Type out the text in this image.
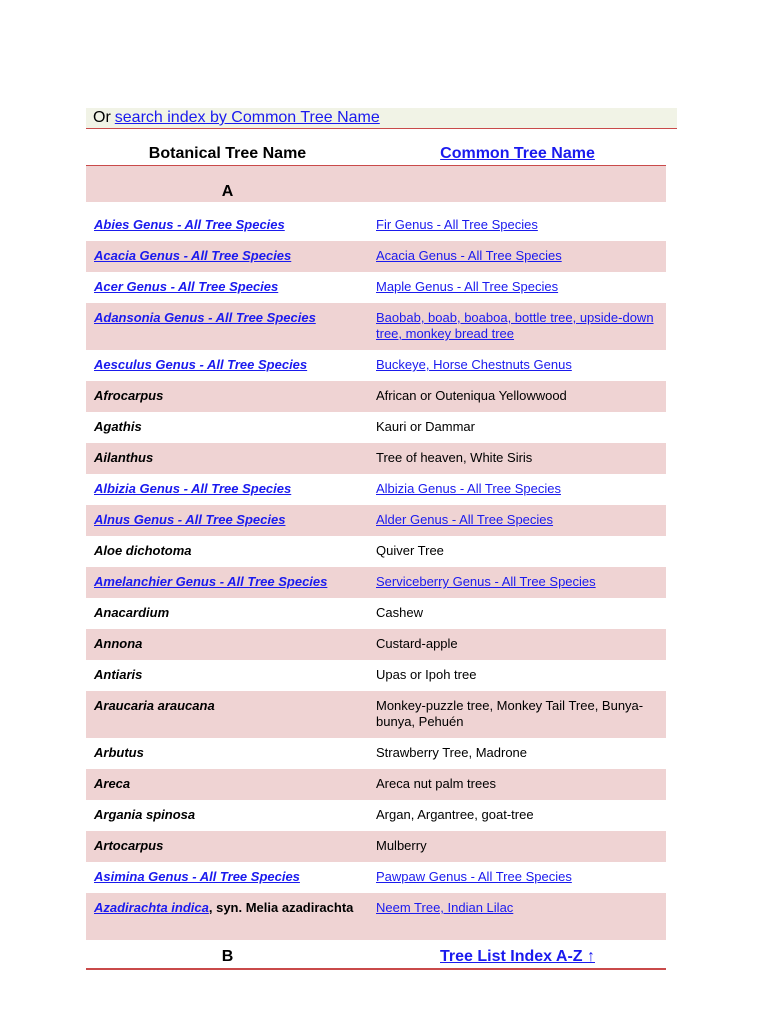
Or search index by Common Tree Name
Botanical Tree Name	Common Tree Name
A
Abies Genus - All Tree Species	Fir Genus - All Tree Species
Acacia Genus - All Tree Species	Acacia Genus - All Tree Species
Acer Genus - All Tree Species	Maple Genus - All Tree Species
Adansonia Genus - All Tree Species	Baobab, boab, boaboa, bottle tree, upside-down tree, monkey bread tree
Aesculus Genus - All Tree Species	Buckeye, Horse Chestnuts Genus
Afrocarpus	African or Outeniqua Yellowwood
Agathis	Kauri or Dammar
Ailanthus	Tree of heaven, White Siris
Albizia Genus - All Tree Species	Albizia Genus - All Tree Species
Alnus Genus - All Tree Species	Alder Genus - All Tree Species
Aloe dichotoma	Quiver Tree
Amelanchier Genus - All Tree Species	Serviceberry Genus - All Tree Species
Anacardium	Cashew
Annona	Custard-apple
Antiaris	Upas or Ipoh tree
Araucaria araucana	Monkey-puzzle tree, Monkey Tail Tree, Bunya-bunya, Pehuén
Arbutus	Strawberry Tree, Madrone
Areca	Areca nut palm trees
Argania spinosa	Argan, Argantree, goat-tree
Artocarpus	Mulberry
Asimina Genus - All Tree Species	Pawpaw Genus - All Tree Species
Azadirachta indica, syn. Melia azadirachta	Neem Tree, Indian Lilac
B	Tree List Index A-Z ↑
